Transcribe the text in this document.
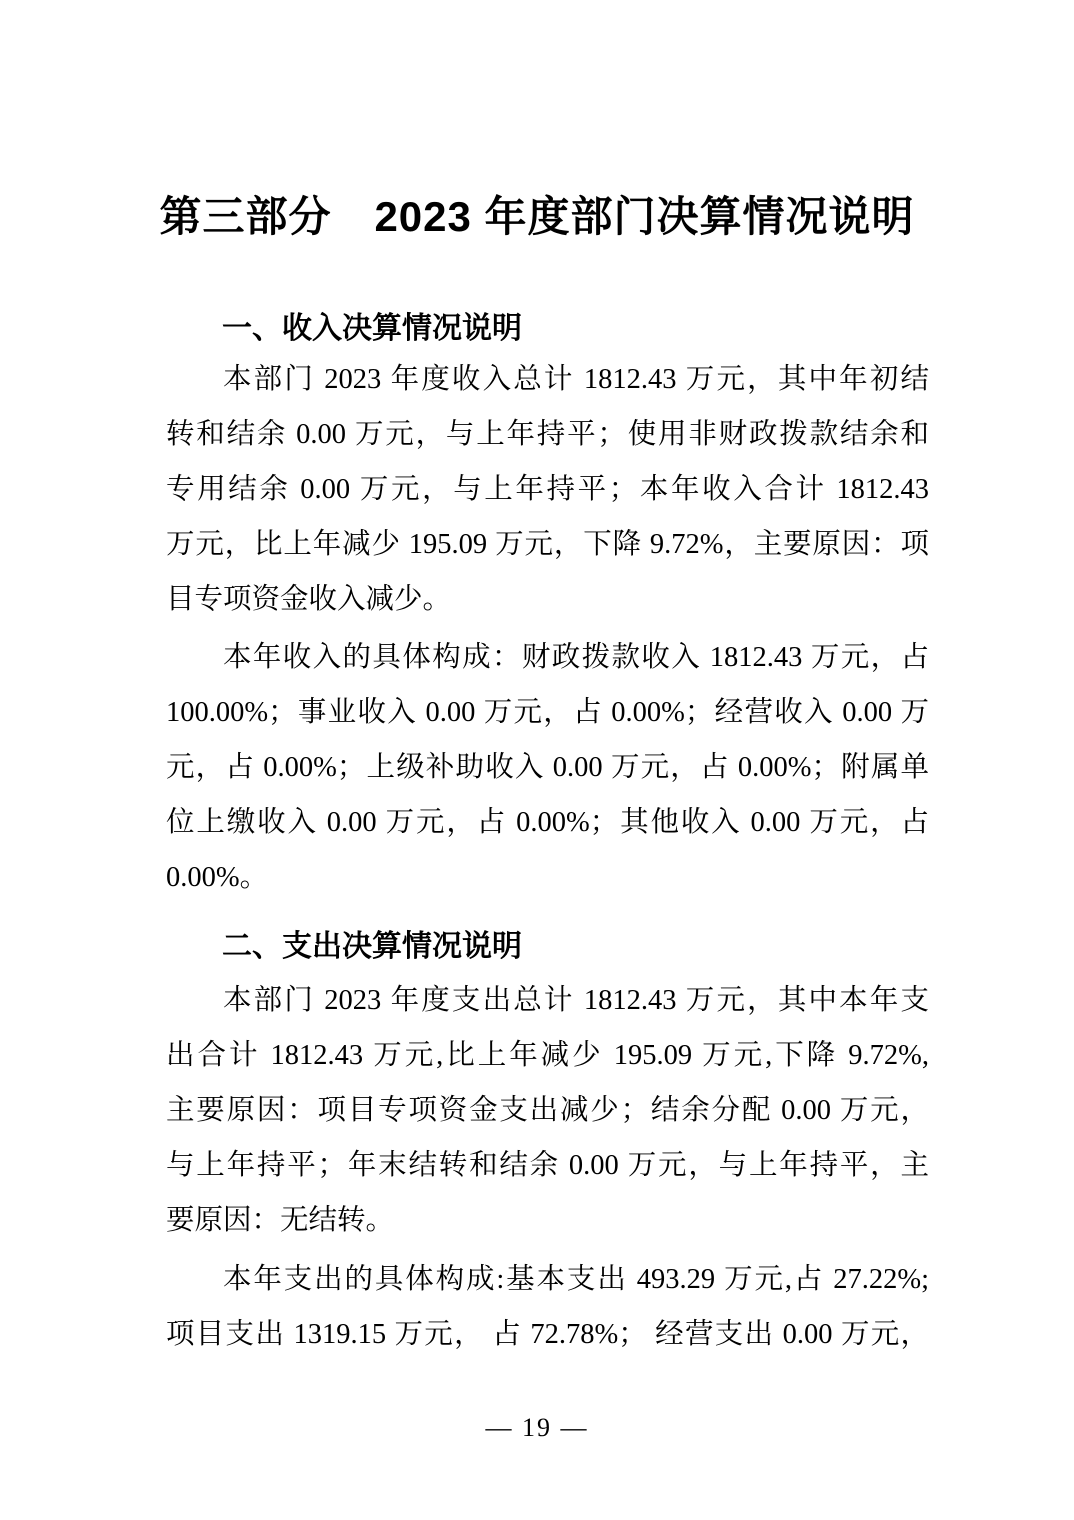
第三部分　2023 年度部门决算情况说明
一、收入决算情况说明
本部门 2023 年度收入总计 1812.43 万元，其中年初结
转和结余 0.00 万元，与上年持平；使用非财政拨款结余和
专用结余 0.00 万元，与上年持平；本年收入合计 1812.43
万元，比上年减少 195.09 万元，下降 9.72%，主要原因：项
目专项资金收入减少。
本年收入的具体构成：财政拨款收入 1812.43 万元，占
100.00%；事业收入 0.00 万元，占 0.00%；经营收入 0.00 万
元，占 0.00%；上级补助收入 0.00 万元，占 0.00%；附属单
位上缴收入 0.00 万元，占 0.00%；其他收入 0.00 万元，占
0.00%。
二、支出决算情况说明
本部门 2023 年度支出总计 1812.43 万元，其中本年支
出合计 1812.43 万元,比上年减少 195.09 万元,下降 9.72%,
主要原因：项目专项资金支出减少；结余分配 0.00 万元，
与上年持平；年末结转和结余 0.00 万元，与上年持平，主
要原因：无结转。
本年支出的具体构成:基本支出 493.29 万元,占 27.22%;
项目支出 1319.15 万元， 占 72.78%； 经营支出 0.00 万元，
— 19 —
